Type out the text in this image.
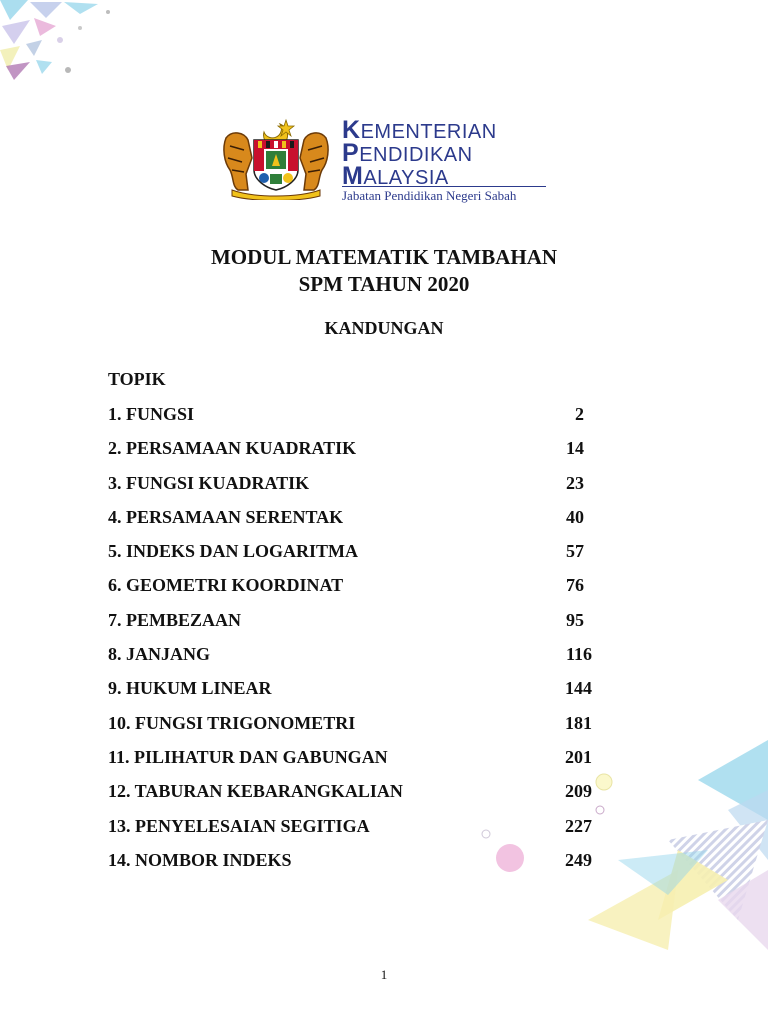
KEMENTERIAN
PENDIDIKAN
MALAYSIA
Jabatan Pendidikan Negeri Sabah
MODUL MATEMATIK TAMBAHAN
SPM TAHUN 2020
KANDUNGAN
TOPIK
1. FUNGSI	2
2. PERSAMAAN KUADRATIK	14
3. FUNGSI KUADRATIK	23
4. PERSAMAAN SERENTAK	40
5. INDEKS DAN LOGARITMA	57
6. GEOMETRI KOORDINAT	76
7. PEMBEZAAN	95
8. JANJANG	116
9. HUKUM LINEAR	144
10. FUNGSI TRIGONOMETRI	181
11. PILIHATUR DAN GABUNGAN	201
12. TABURAN KEBARANGKALIAN	209
13. PENYELESAIAN SEGITIGA	227
14. NOMBOR INDEKS	249
1
